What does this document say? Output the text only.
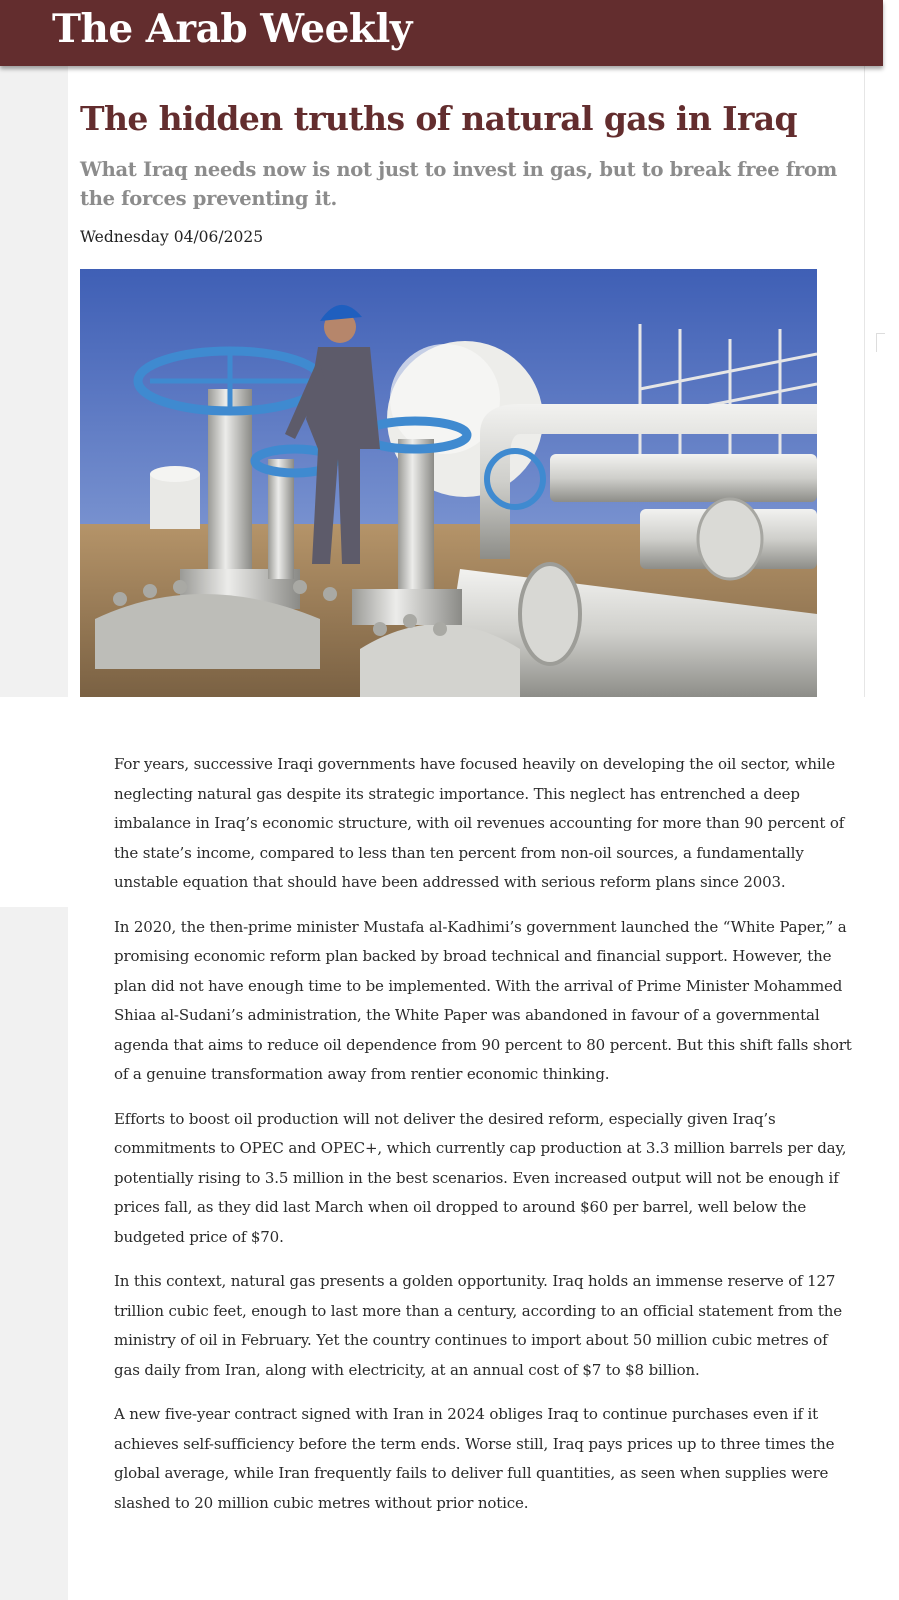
The Arab Weekly
The hidden truths of natural gas in Iraq

What Iraq needs now is not just to invest in gas, but to break free from the forces preventing it.

Wednesday 04/06/2025

For years, successive Iraqi governments have focused heavily on developing the oil sector, while neglecting natural gas despite its strategic importance. This neglect has entrenched a deep imbalance in Iraq’s economic structure, with oil revenues accounting for more than 90 percent of the state’s income, compared to less than ten percent from non-oil sources, a fundamentally unstable equation that should have been addressed with serious reform plans since 2003.

In 2020, the then-prime minister Mustafa al-Kadhimi’s government launched the “White Paper,” a promising economic reform plan backed by broad technical and financial support. However, the plan did not have enough time to be implemented. With the arrival of Prime Minister Mohammed Shiaa al-Sudani’s administration, the White Paper was abandoned in favour of a governmental agenda that aims to reduce oil dependence from 90 percent to 80 percent. But this shift falls short of a genuine transformation away from rentier economic thinking.

Efforts to boost oil production will not deliver the desired reform, especially given Iraq’s commitments to OPEC and OPEC+, which currently cap production at 3.3 million barrels per day, potentially rising to 3.5 million in the best scenarios. Even increased output will not be enough if prices fall, as they did last March when oil dropped to around $60 per barrel, well below the budgeted price of $70.

In this context, natural gas presents a golden opportunity. Iraq holds an immense reserve of 127 trillion cubic feet, enough to last more than a century, according to an official statement from the ministry of oil in February. Yet the country continues to import about 50 million cubic metres of gas daily from Iran, along with electricity, at an annual cost of $7 to $8 billion.

A new five-year contract signed with Iran in 2024 obliges Iraq to continue purchases even if it achieves self-sufficiency before the term ends. Worse still, Iraq pays prices up to three times the global average, while Iran frequently fails to deliver full quantities, as seen when supplies were slashed to 20 million cubic metres without prior notice.
